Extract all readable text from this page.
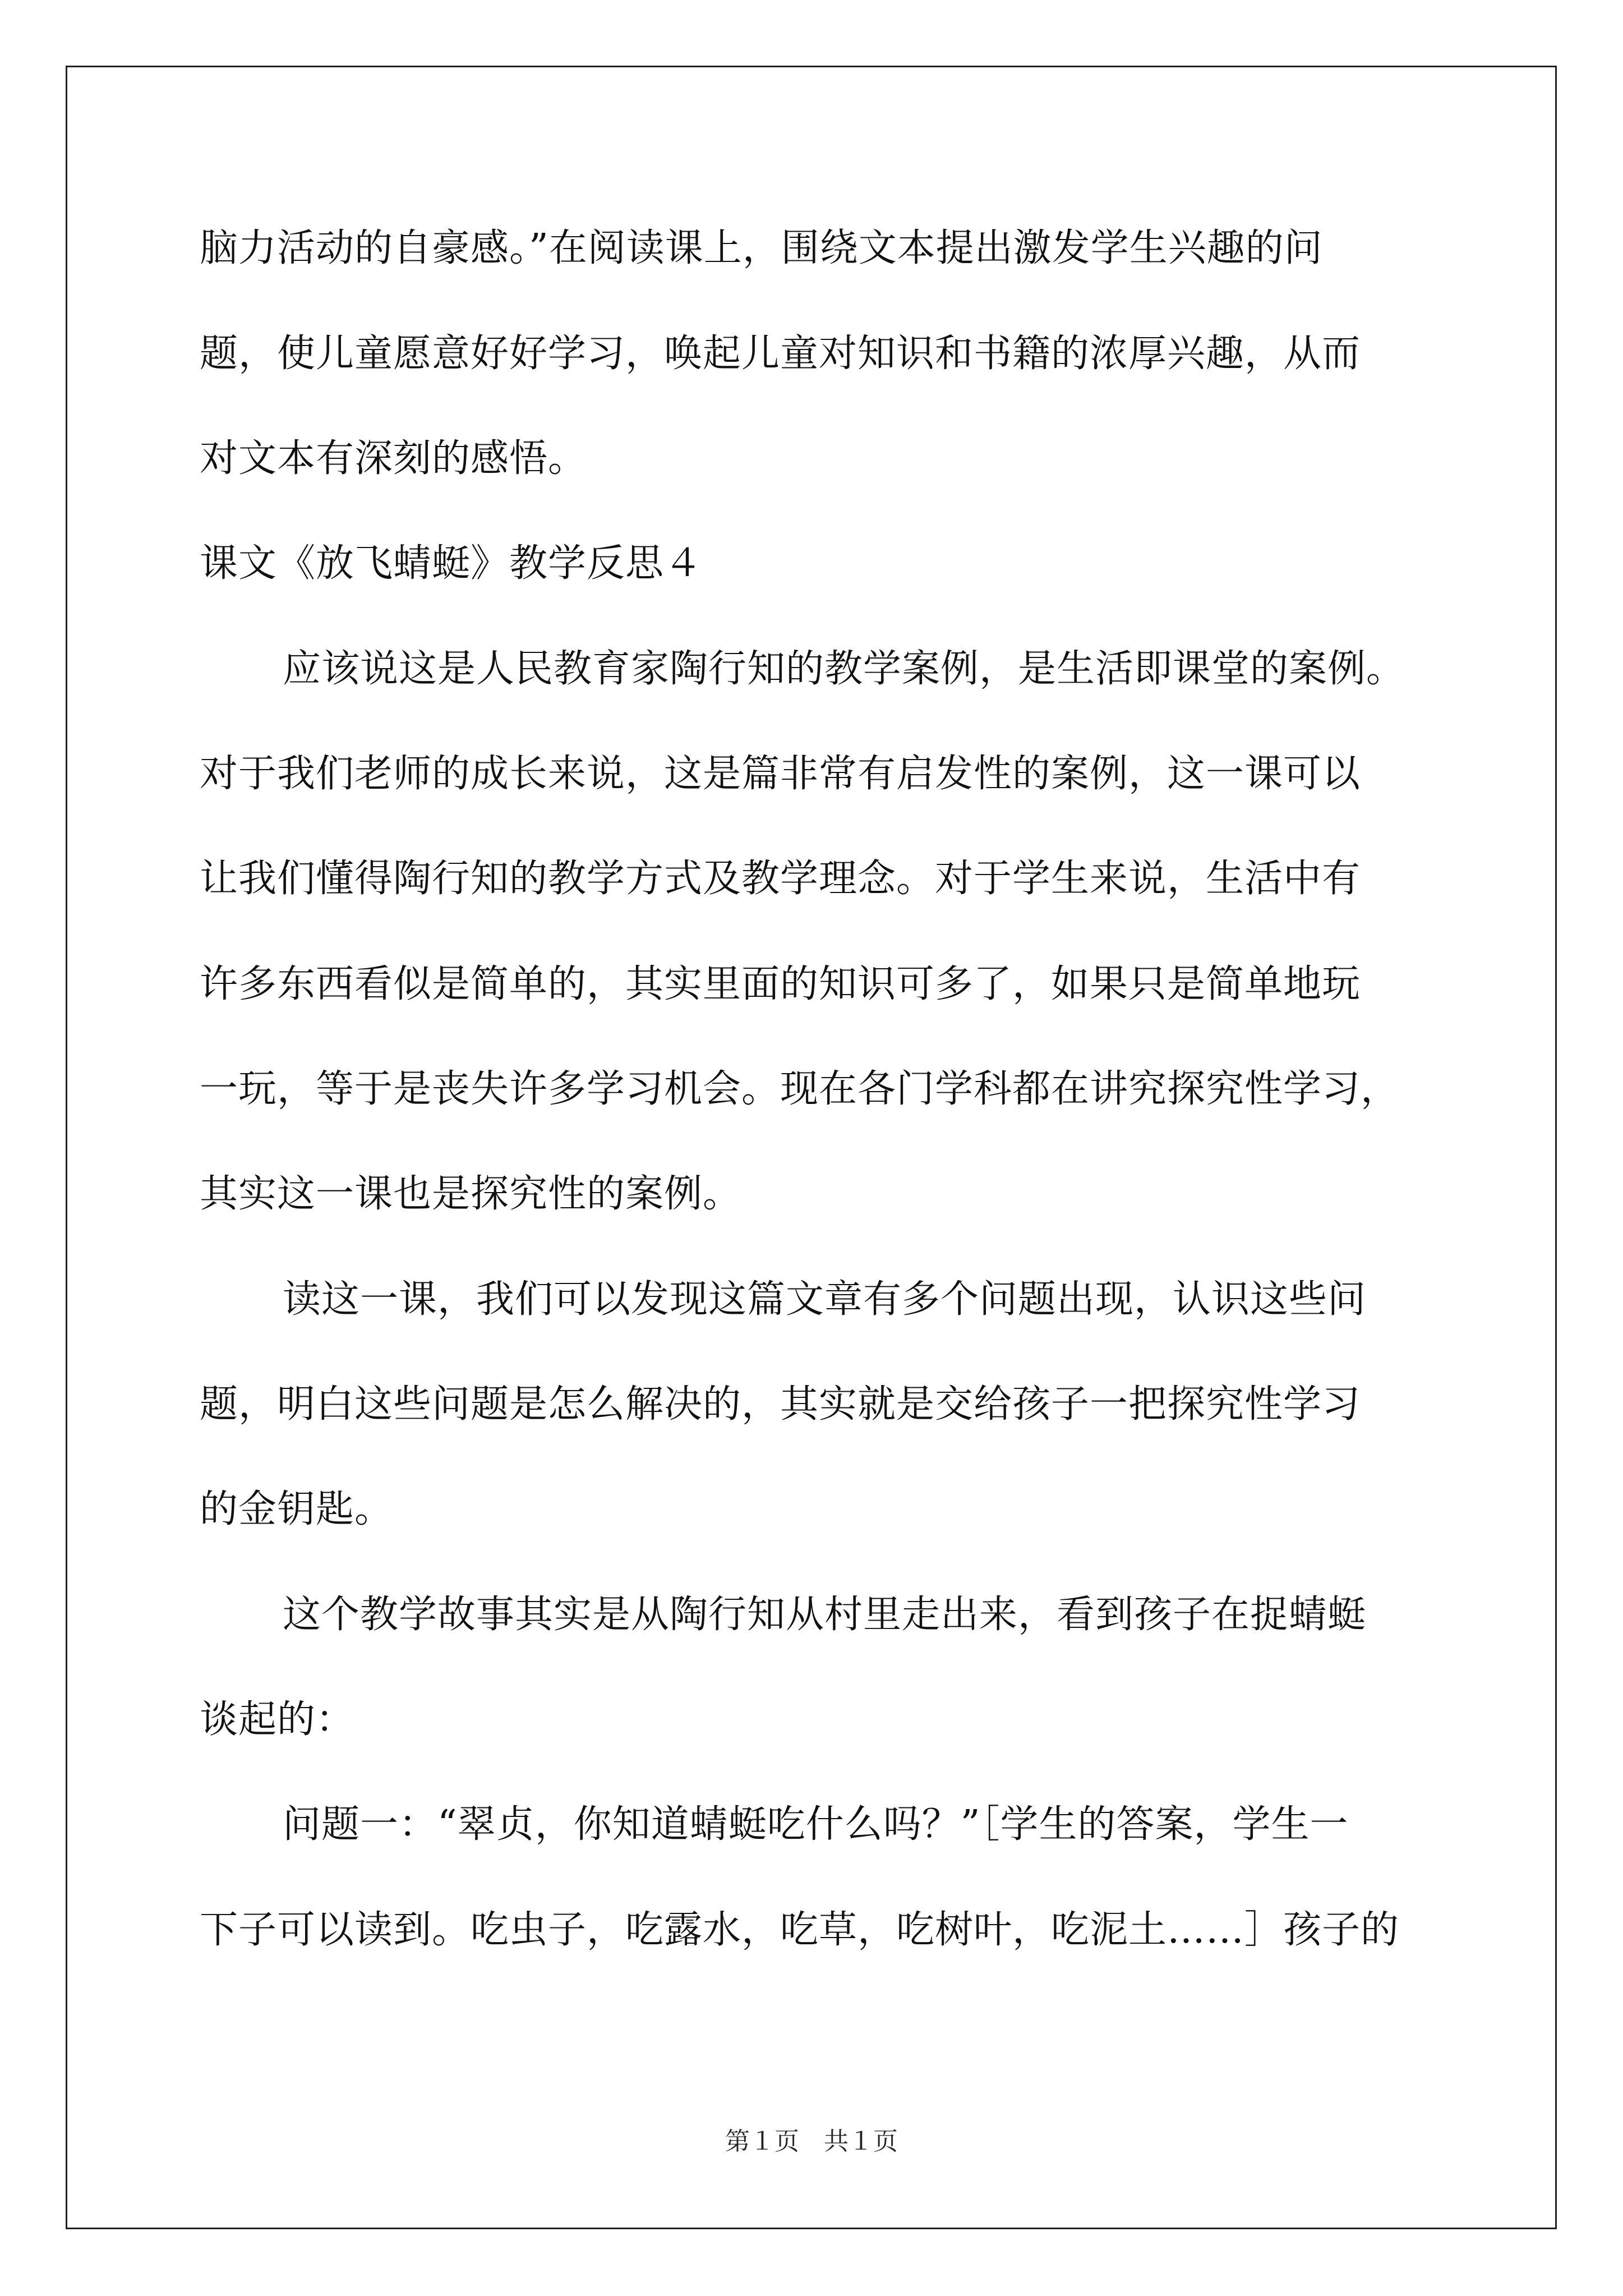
脑力活动的自豪感。”在阅读课上，围绕文本提出激发学生兴趣的问
题，使儿童愿意好好学习，唤起儿童对知识和书籍的浓厚兴趣，从而
对文本有深刻的感悟。
课文《放飞蜻蜓》教学反思４
应该说这是人民教育家陶行知的教学案例，是生活即课堂的案例。
对于我们老师的成长来说，这是篇非常有启发性的案例，这一课可以
让我们懂得陶行知的教学方式及教学理念。对于学生来说，生活中有
许多东西看似是简单的，其实里面的知识可多了，如果只是简单地玩
一玩，等于是丧失许多学习机会。现在各门学科都在讲究探究性学习，
其实这一课也是探究性的案例。
读这一课，我们可以发现这篇文章有多个问题出现，认识这些问
题，明白这些问题是怎么解决的，其实就是交给孩子一把探究性学习
的金钥匙。
这个教学故事其实是从陶行知从村里走出来，看到孩子在捉蜻蜓
谈起的：
问题一：“翠贞，你知道蜻蜓吃什么吗？”［学生的答案，学生一
下子可以读到。吃虫子，吃露水，吃草，吃树叶，吃泥土……］孩子的
第１页　共１页
